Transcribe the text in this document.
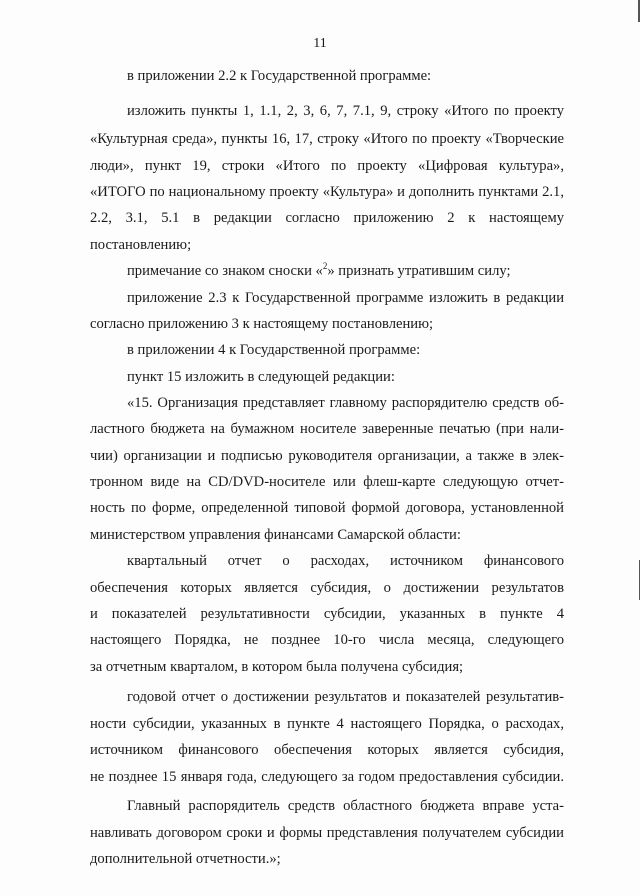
11
в приложении 2.2 к Государственной программе:
изложить пункты 1, 1.1, 2, 3, 6, 7, 7.1, 9, строку «Итого по проекту
«Культурная среда», пункты 16, 17, строку «Итого по проекту «Творческие
люди», пункт 19, строки «Итого по проекту «Цифровая культура»,
«ИТОГО по национальному проекту «Культура» и дополнить пунктами 2.1,
2.2, 3.1, 5.1 в редакции согласно приложению 2 к настоящему
постановлению;
примечание со знаком сноски «$^2$» признать утратившим силу;
приложение 2.3 к Государственной программе изложить в редакции
согласно приложению 3 к настоящему постановлению;
в приложении 4 к Государственной программе:
пункт 15 изложить в следующей редакции:
«15. Организация представляет главному распорядителю средств об-
ластного бюджета на бумажном носителе заверенные печатью (при нали-
чии) организации и подписью руководителя организации, а также в элек-
тронном виде на CD/DVD-носителе или флеш-карте следующую отчет-
ность по форме, определенной типовой формой договора, установленной
министерством управления финансами Самарской области:
квартальный отчет о расходах, источником финансового
обеспечения которых является субсидия, о достижении результатов
и показателей результативности субсидии, указанных в пункте 4
настоящего Порядка, не позднее 10-го числа месяца, следующего
за отчетным кварталом, в котором была получена субсидия;
годовой отчет о достижении результатов и показателей результатив-
ности субсидии, указанных в пункте 4 настоящего Порядка, о расходах,
источником финансового обеспечения которых является субсидия,
не позднее 15 января года, следующего за годом предоставления субсидии.
Главный распорядитель средств областного бюджета вправе уста-
навливать договором сроки и формы представления получателем субсидии
дополнительной отчетности.»;
